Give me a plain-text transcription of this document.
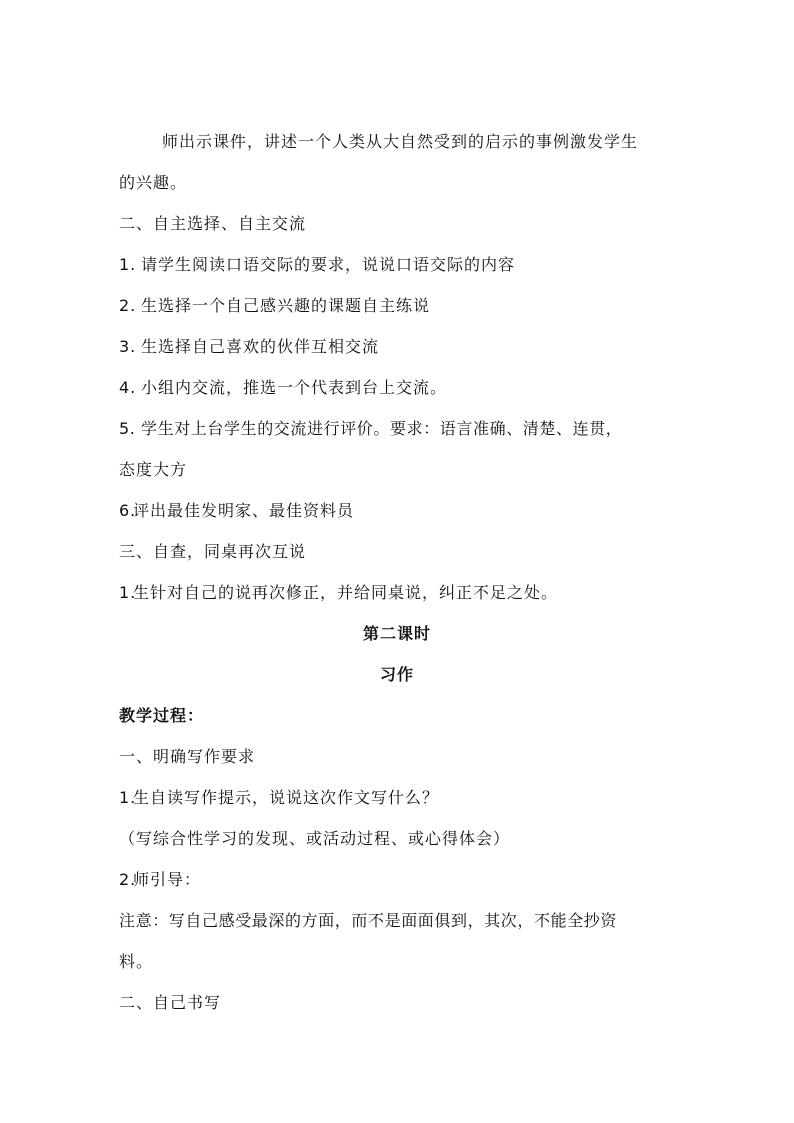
师出示课件，讲述一个人类从大自然受到的启示的事例激发学生
的兴趣。
二、自主选择、自主交流
1. 请学生阅读口语交际的要求，说说口语交际的内容
2. 生选择一个自己感兴趣的课题自主练说
3. 生选择自己喜欢的伙伴互相交流
4. 小组内交流，推选一个代表到台上交流。
5. 学生对上台学生的交流进行评价。要求：语言准确、清楚、连贯，
态度大方
6.评出最佳发明家、最佳资料员
三、自查，同桌再次互说
1.生针对自己的说再次修正，并给同桌说，纠正不足之处。
第二课时
习作
教学过程：
一、明确写作要求
1.生自读写作提示，说说这次作文写什么？
（写综合性学习的发现、或活动过程、或心得体会）
2.师引导：
注意：写自己感受最深的方面，而不是面面俱到，其次，不能全抄资
料。
二、自己书写
